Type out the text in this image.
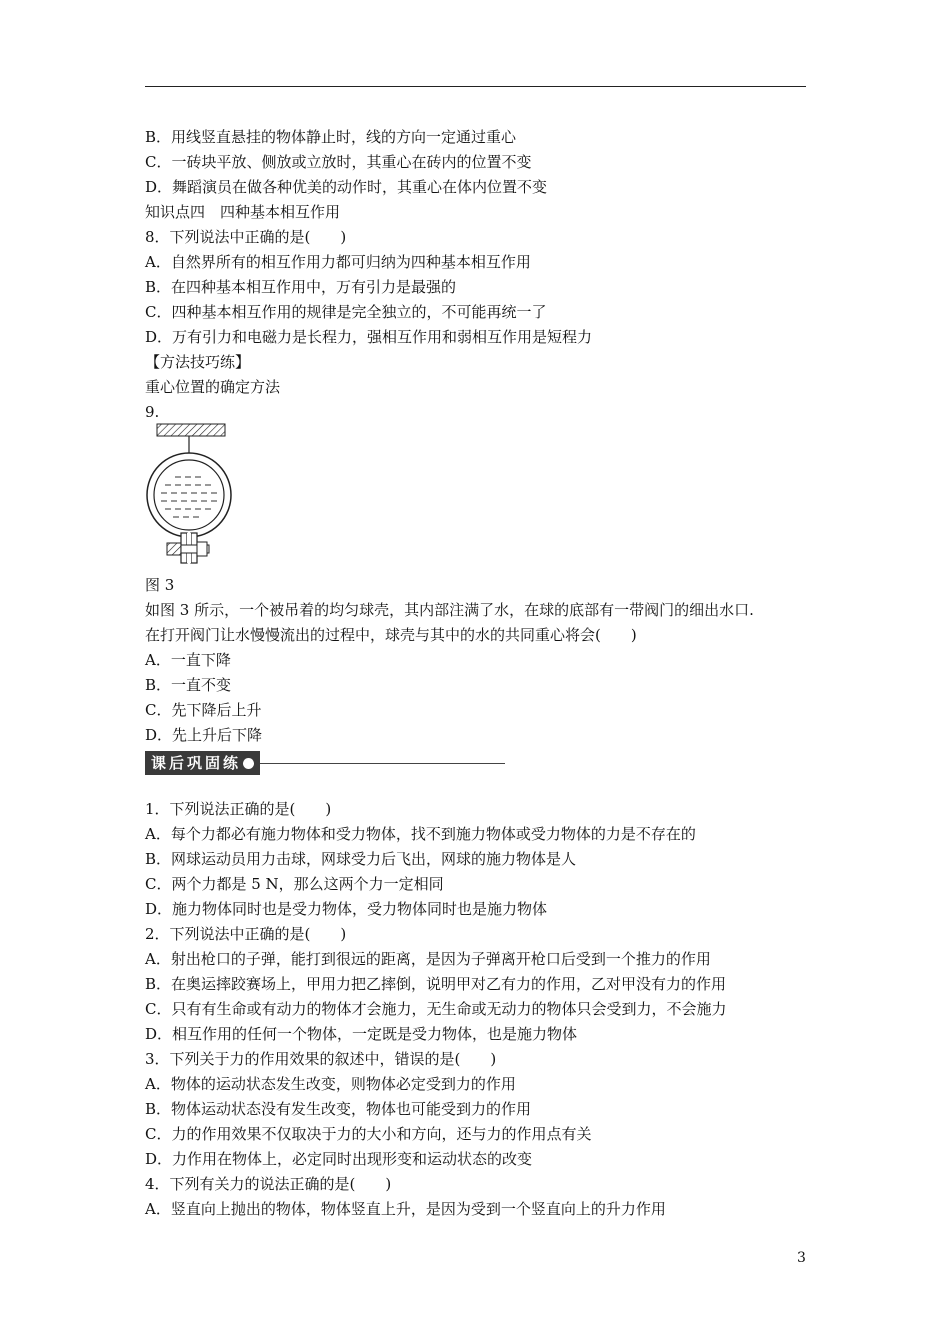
B．用线竖直悬挂的物体静止时，线的方向一定通过重心
C．一砖块平放、侧放或立放时，其重心在砖内的位置不变
D．舞蹈演员在做各种优美的动作时，其重心在体内位置不变
知识点四　四种基本相互作用
8．下列说法中正确的是(　　)
A．自然界所有的相互作用力都可归纳为四种基本相互作用
B．在四种基本相互作用中，万有引力是最强的
C．四种基本相互作用的规律是完全独立的，不可能再统一了
D．万有引力和电磁力是长程力，强相互作用和弱相互作用是短程力
【方法技巧练】
重心位置的确定方法
9.
图 3
如图 3 所示，一个被吊着的均匀球壳，其内部注满了水，在球的底部有一带阀门的细出水口.
在打开阀门让水慢慢流出的过程中，球壳与其中的水的共同重心将会(　　)
A．一直下降
B．一直不变
C．先下降后上升
D．先上升后下降
课后巩固练
1．下列说法正确的是(　　)
A．每个力都必有施力物体和受力物体，找不到施力物体或受力物体的力是不存在的
B．网球运动员用力击球，网球受力后飞出，网球的施力物体是人
C．两个力都是 5 N，那么这两个力一定相同
D．施力物体同时也是受力物体，受力物体同时也是施力物体
2．下列说法中正确的是(　　)
A．射出枪口的子弹，能打到很远的距离，是因为子弹离开枪口后受到一个推力的作用
B．在奥运摔跤赛场上，甲用力把乙摔倒，说明甲对乙有力的作用，乙对甲没有力的作用
C．只有有生命或有动力的物体才会施力，无生命或无动力的物体只会受到力，不会施力
D．相互作用的任何一个物体，一定既是受力物体，也是施力物体
3．下列关于力的作用效果的叙述中，错误的是(　　)
A．物体的运动状态发生改变，则物体必定受到力的作用
B．物体运动状态没有发生改变，物体也可能受到力的作用
C．力的作用效果不仅取决于力的大小和方向，还与力的作用点有关
D．力作用在物体上，必定同时出现形变和运动状态的改变
4．下列有关力的说法正确的是(　　)
A．竖直向上抛出的物体，物体竖直上升，是因为受到一个竖直向上的升力作用
3
